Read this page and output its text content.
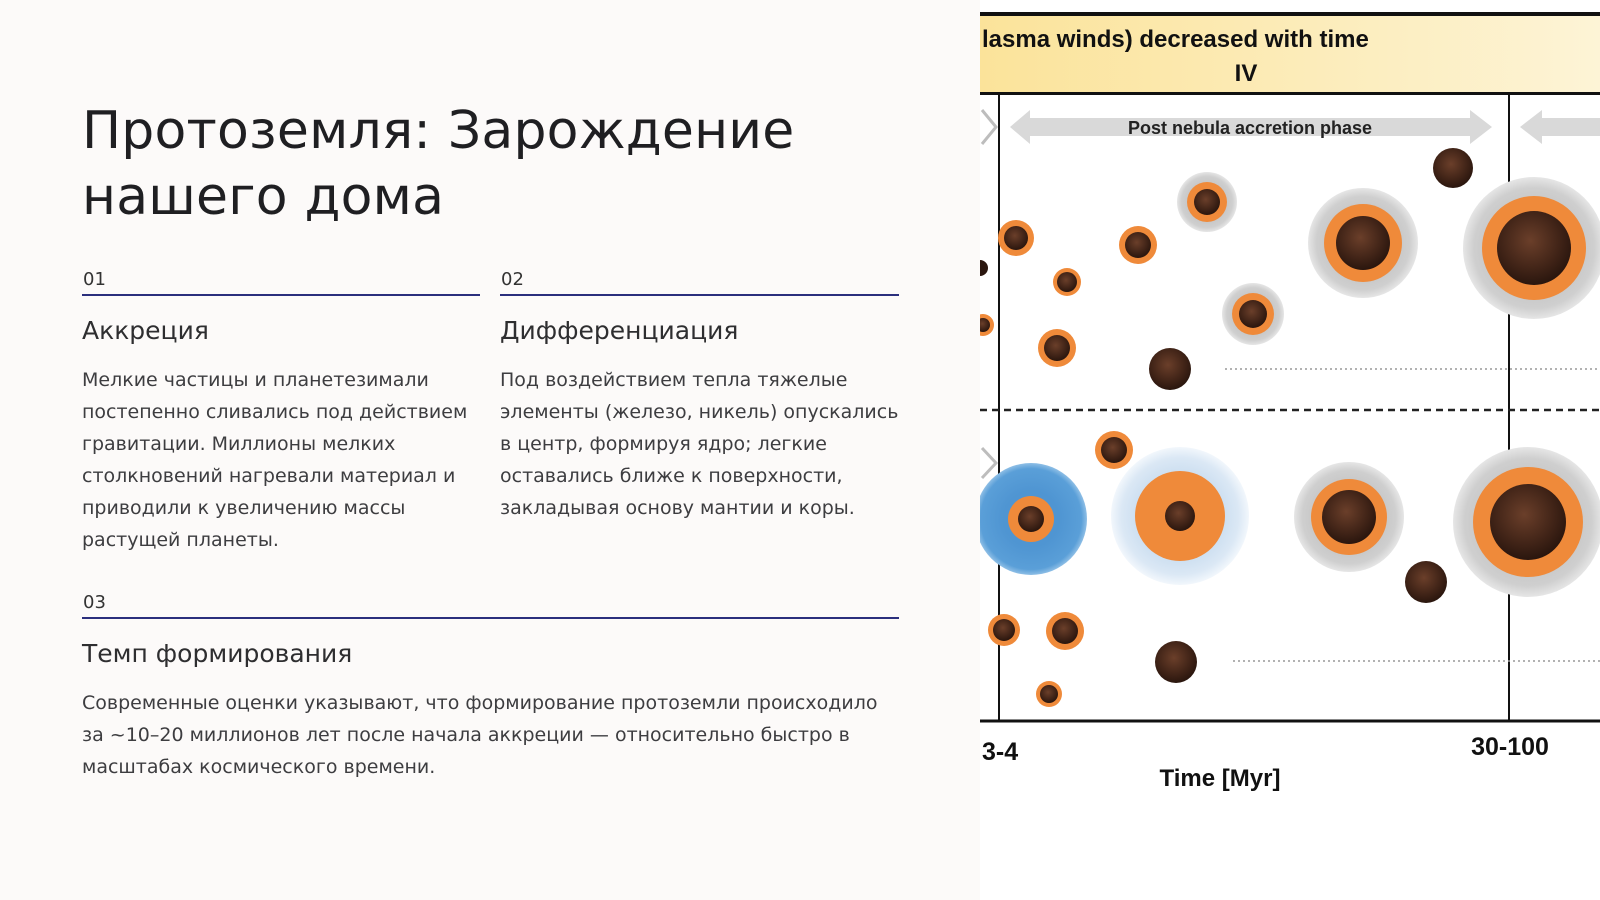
Протоземля: Зарождение
нашего дома
01
Аккреция
Мелкие частицы и планетезимали постепенно сливались под действием гравитации. Миллионы мелких столкновений нагревали материал и приводили к увеличению массы растущей планеты.
02
Дифференциация
Под воздействием тепла тяжелые элементы (железо, никель) опускались в центр, формируя ядро; легкие оставались ближе к поверхности, закладывая основу мантии и коры.
03
Темп формирования
Современные оценки указывают, что формирование протоземли происходило за ~10–20 миллионов лет после начала аккреции — относительно быстро в масштабах космического времени.
lasma winds) decreased with time
IV
Post nebula accretion phase
3-4	30-100
Time [Myr]
